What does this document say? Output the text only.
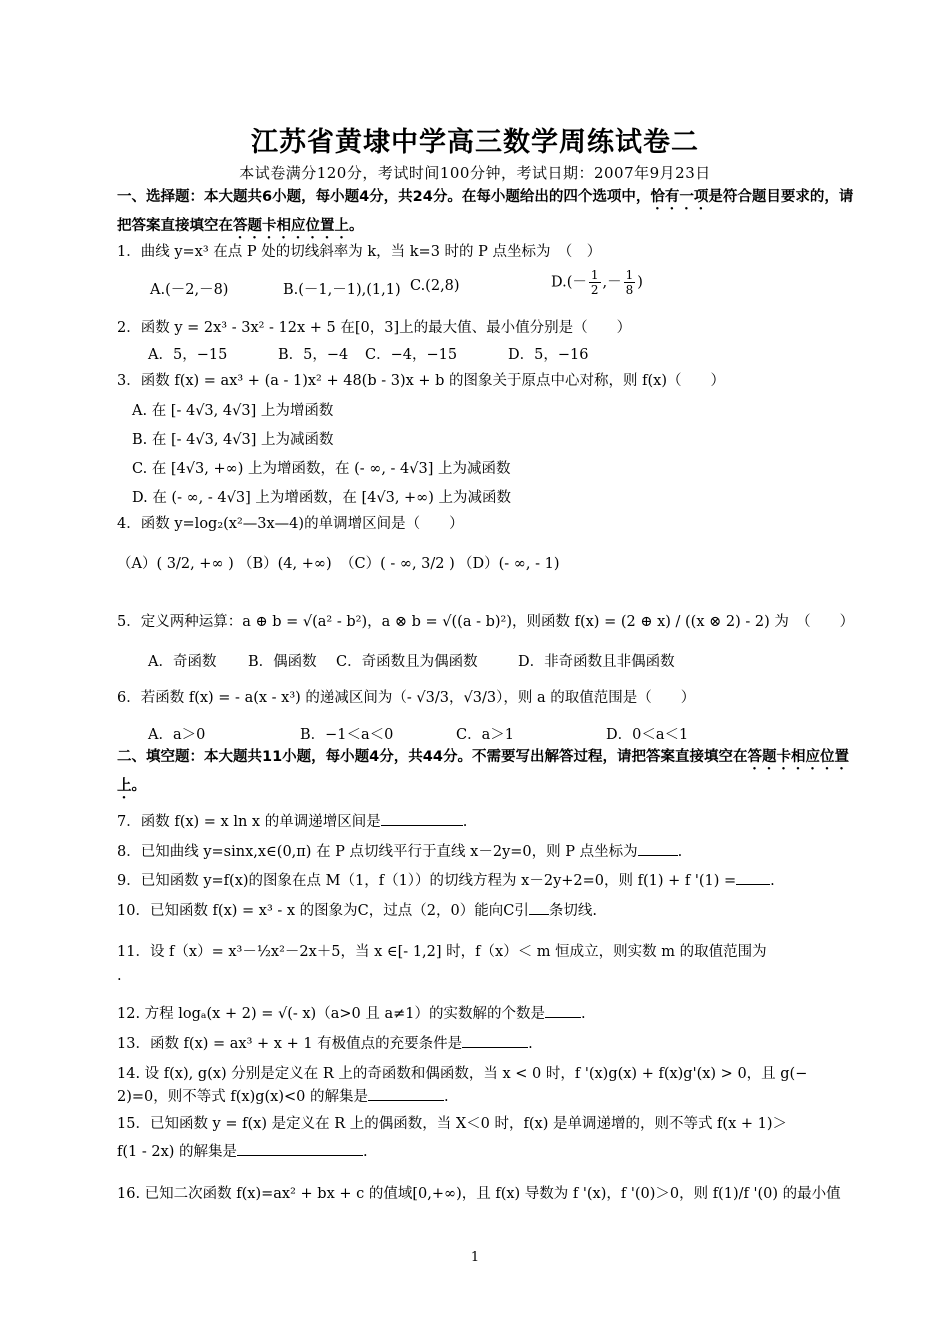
江苏省黄埭中学高三数学周练试卷二
本试卷满分120分，考试时间100分钟，考试日期：2007年9月23日
一、选择题：本大题共6小题，每小题4分，共24分。在每小题给出的四个选项中，恰有一项是符合题目要求的，请把答案直接填空在答题卡相应位置上。
1．曲线 y=x³ 在点 P 处的切线斜率为 k，当 k=3 时的 P 点坐标为　（　）
A.(－2,－8)	B.(－1,－1),(1,1) C.(2,8)	$D.(- \frac{1}{2}$ ,－ $\frac{1}{8}$ )
2．函数 y = 2x³ - 3x² - 12x + 5 在[0，3]上的最大值、最小值分别是（　　）
A．5，−15	B．5，−4 C．−4，−15	D．5，−16
3．函数 f(x) = ax³ + (a - 1)x² + 48(b - 3)x + b 的图象关于原点中心对称，则 f(x)（　　）
A. 在 [- 4√3, 4√3] 上为增函数
B. 在 [- 4√3, 4√3] 上为减函数
C. 在 [4√3, +∞) 上为增函数，在 (- ∞, - 4√3] 上为减函数
D. 在 (- ∞, - 4√3] 上为增函数，在 [4√3, +∞) 上为减函数
4．函数 y=log₂(x²—3x—4)的单调增区间是（　　）
（A）( 3/2, +∞ ) （B）(4, +∞) （C）( - ∞, 3/2 ) （D）(- ∞, - 1)
5．定义两种运算：a ⊕ b = √(a² - b²)，a ⊗ b = √((a - b)²)，则函数 f(x) = (2 ⊕ x) / ((x ⊗ 2) - 2) 为　（　　）
A．奇函数 B．偶函数 C．奇函数且为偶函数	D．非奇函数且非偶函数
6．若函数 f(x) = - a(x - x³) 的递减区间为（- √3/3，√3/3），则 a 的取值范围是（　　）
A．a＞0	B．−1＜a＜0	C．a＞1	D．0＜a＜1
二、填空题：本大题共11小题，每小题4分，共44分。不需要写出解答过程，请把答案直接填空在答题卡相应位置上。
7．函数 f(x) = x ln x 的单调递增区间是	.
8．已知曲线 y=sinx,x∈(0,π) 在 P 点切线平行于直线 x－2y=0，则 P 点坐标为	.
9．已知函数 y=f(x)的图象在点 M（1，f（1））的切线方程为 x－2y+2=0，则 f(1) + f '(1) = .
10．已知函数 f(x) = x³ - x 的图象为C，过点（2，0）能向C引 条切线.
11．设 f（x）= x³－½x²－2x＋5，当 x ∈[- 1,2] 时，f（x）＜ m 恒成立，则实数 m 的取值范围为
.
12. 方程 logₐ(x + 2) = √(- x)（a>0 且 a≠1）的实数解的个数是 .
13．函数 f(x) = ax³ + x + 1 有极值点的充要条件是	.
14. 设 f(x), g(x) 分别是定义在 R 上的奇函数和偶函数，当 x < 0 时，f '(x)g(x) + f(x)g'(x) > 0，且 g(−
2)=0，则不等式 f(x)g(x)<0 的解集是	.
15．已知函数 y = f(x) 是定义在 R 上的偶函数，当 X＜0 时，f(x) 是单调递增的，则不等式 f(x + 1)＞
f(1 - 2x) 的解集是	.
16. 已知二次函数 f(x)=ax² + bx + c 的值域[0,+∞)，且 f(x) 导数为 f '(x)，f '(0)＞0，则 f(1)/f '(0) 的最小值
1
